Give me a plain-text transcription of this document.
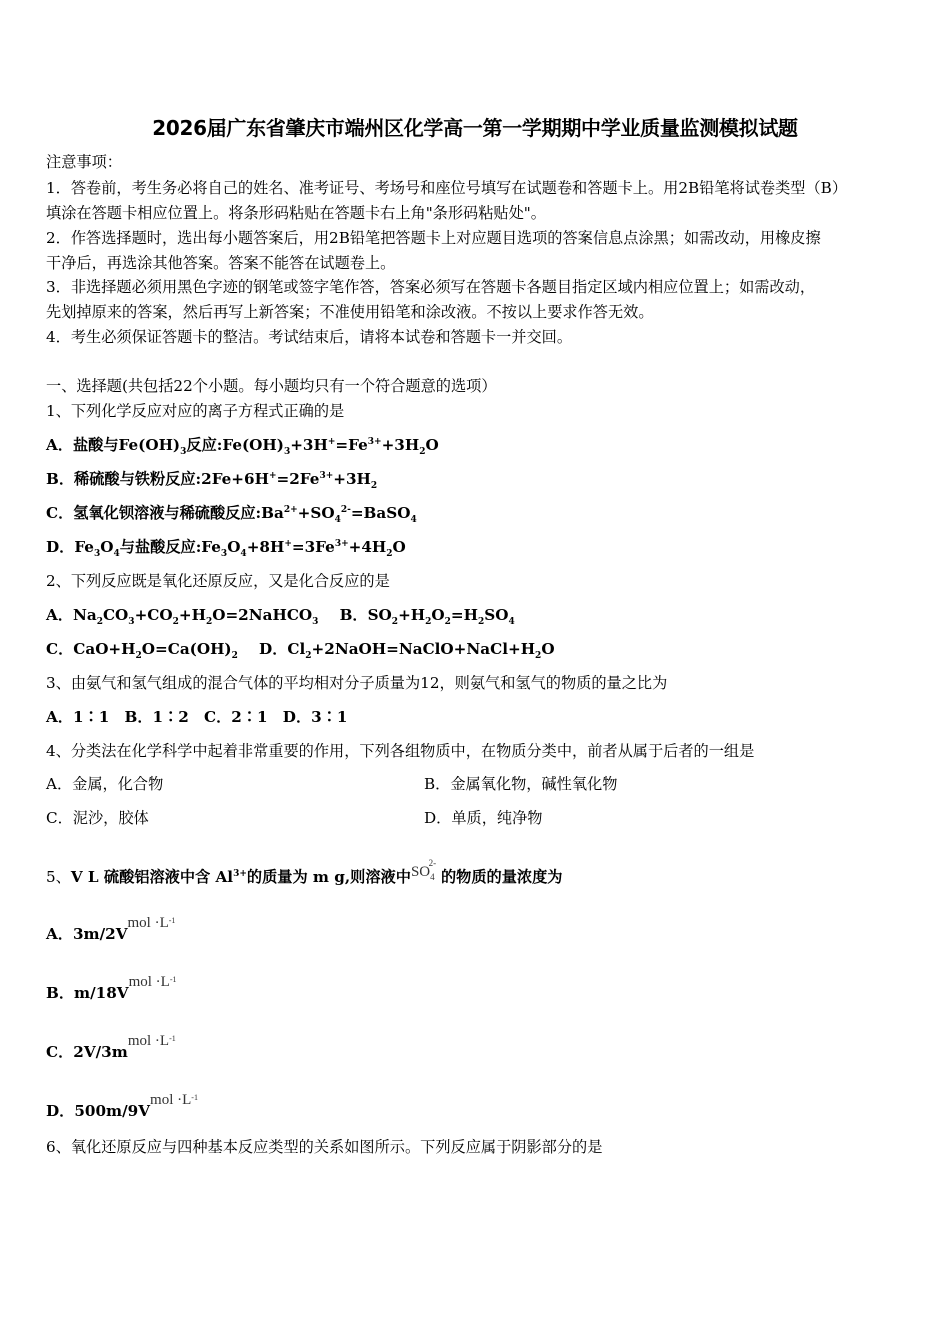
2026届广东省肇庆市端州区化学高一第一学期期中学业质量监测模拟试题
注意事项：
1．答卷前，考生务必将自己的姓名、准考证号、考场号和座位号填写在试题卷和答题卡上。用2B铅笔将试卷类型（B）
填涂在答题卡相应位置上。将条形码粘贴在答题卡右上角"条形码粘贴处"。
2．作答选择题时，选出每小题答案后，用2B铅笔把答题卡上对应题目选项的答案信息点涂黑；如需改动，用橡皮擦
干净后，再选涂其他答案。答案不能答在试题卷上。
3．非选择题必须用黑色字迹的钢笔或签字笔作答，答案必须写在答题卡各题目指定区域内相应位置上；如需改动，
先划掉原来的答案，然后再写上新答案；不准使用铅笔和涂改液。不按以上要求作答无效。
4．考生必须保证答题卡的整洁。考试结束后，请将本试卷和答题卡一并交回。
一、选择题(共包括22个小题。每小题均只有一个符合题意的选项）
1、下列化学反应对应的离子方程式正确的是
A．盐酸与$Fe(OH)_3$反应$:Fe(OH)_3+3H^+=Fe^{3+}+3H_2O$
B．稀硫酸与铁粉反应$:2Fe+6H^+=2Fe^{3+}+3H_2$
C．氢氧化钡溶液与稀硫酸反应$:Ba^{2+}+SO_4^{2-}=BaSO_4$
D．$Fe_3O_4$与盐酸反应$:Fe_3O_4+8H^+=3Fe^{3+}+4H_2O$
2、下列反应既是氧化还原反应，又是化合反应的是
A．$Na_2CO_3+CO_2+H_2O=2NaHCO_3$ B．$SO_2+H_2O_2=H_2SO_4$
C．$CaO+H_2O=Ca(OH)_2$ D．$Cl_2+2NaOH=NaClO+NaCl+H_2O$
3、由氨气和氢气组成的混合气体的平均相对分子质量为12，则氨气和氢气的物质的量之比为
A．1∶1　B．1∶2　C．2∶1　D．3∶1
4、分类法在化学科学中起着非常重要的作用，下列各组物质中，在物质分类中，前者从属于后者的一组是
A．金属，化合物	B．金属氧化物，碱性氧化物
C．泥沙，胶体	D．单质，纯净物
5、V L 硫酸铝溶液中含 $Al^{3+}$的质量为 m g,则溶液中$SO_4^{2-}$ 的物质的量浓度为
A．3m/2Vmol $\cdot L^{-1}$
B．m/18Vmol $\cdot L^{-1}$
C．2V/3mmol $\cdot L^{-1}$
D．500m/9Vmol $\cdot L^{-1}$
6、氧化还原反应与四种基本反应类型的关系如图所示。下列反应属于阴影部分的是
